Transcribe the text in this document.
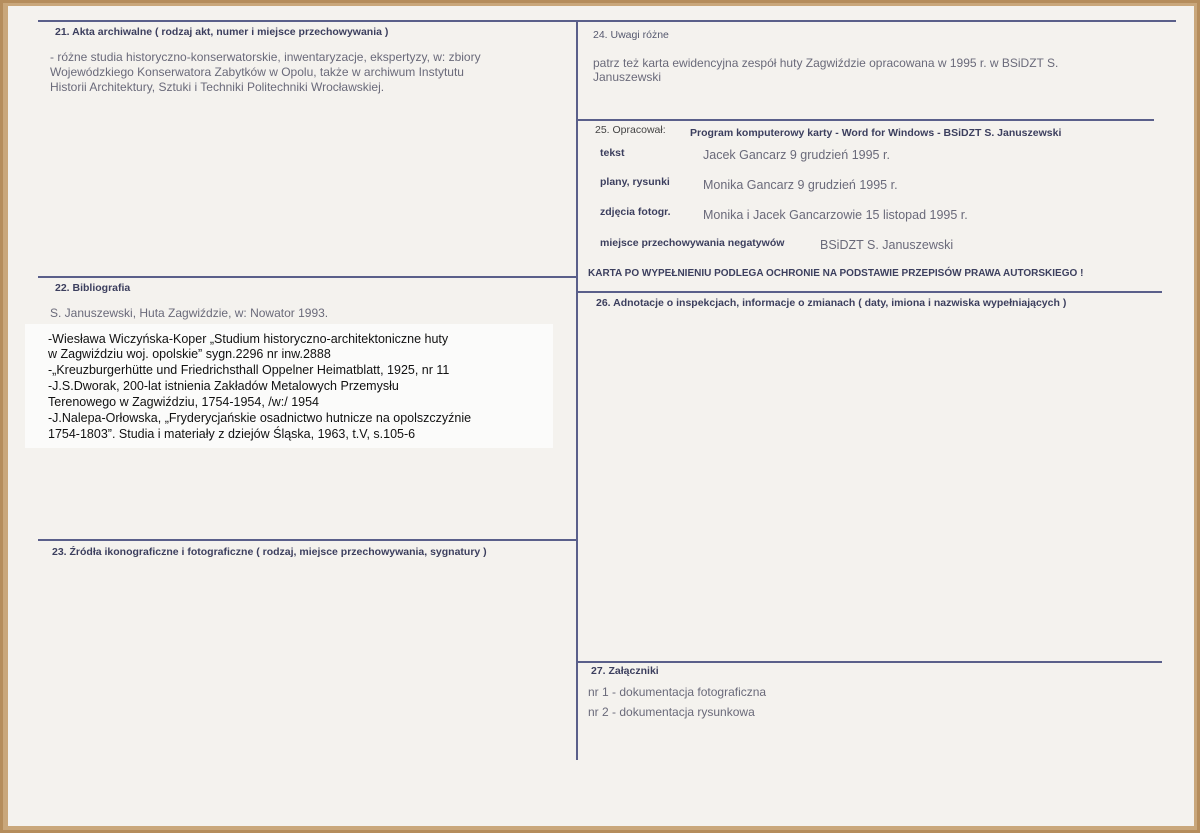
21. Akta archiwalne ( rodzaj akt, numer i miejsce przechowywania )
- różne studia historyczno-konserwatorskie, inwentaryzacje, ekspertyzy, w: zbiory
Wojewódzkiego Konserwatora Zabytków w Opolu, także w archiwum Instytutu
Historii Architektury, Sztuki i Techniki Politechniki Wrocławskiej.
22. Bibliografia
S. Januszewski, Huta Zagwiździe, w: Nowator 1993.
-Wiesława Wiczyńska-Koper „Studium historyczno-architektoniczne huty
w Zagwiździu woj. opolskie” sygn.2296 nr inw.2888
-„Kreuzburgerhütte und Friedrichsthall Oppelner Heimatblatt, 1925, nr 11
-J.S.Dworak, 200-lat istnienia Zakładów Metalowych Przemysłu
Terenowego w Zagwiździu, 1754-1954, /w:/ 1954
-J.Nalepa-Orłowska, „Fryderycjańskie osadnictwo hutnicze na opolszczyźnie
1754-1803”. Studia i materiały z dziejów Śląska, 1963, t.V, s.105-6
23. Źródła ikonograficzne i fotograficzne ( rodzaj, miejsce przechowywania, sygnatury )
24. Uwagi różne
patrz też karta ewidencyjna zespół huty Zagwiździe opracowana w 1995 r. w BSiDZT S.
Januszewski
25. Opracował: Program komputerowy karty - Word for Windows - BSiDZT S. Januszewski
tekst	Jacek Gancarz 9 grudzień 1995 r.
plany, rysunki	Monika Gancarz 9 grudzień 1995 r.
zdjęcia fotogr.	Monika i Jacek Gancarzowie 15 listopad 1995 r.
miejsce przechowywania negatywów	BSiDZT S. Januszewski
KARTA PO WYPEŁNIENIU PODLEGA OCHRONIE NA PODSTAWIE PRZEPISÓW PRAWA AUTORSKIEGO !
26. Adnotacje o inspekcjach, informacje o zmianach ( daty, imiona i nazwiska wypełniających )
27. Załączniki
nr 1 - dokumentacja fotograficzna
nr 2 - dokumentacja rysunkowa
